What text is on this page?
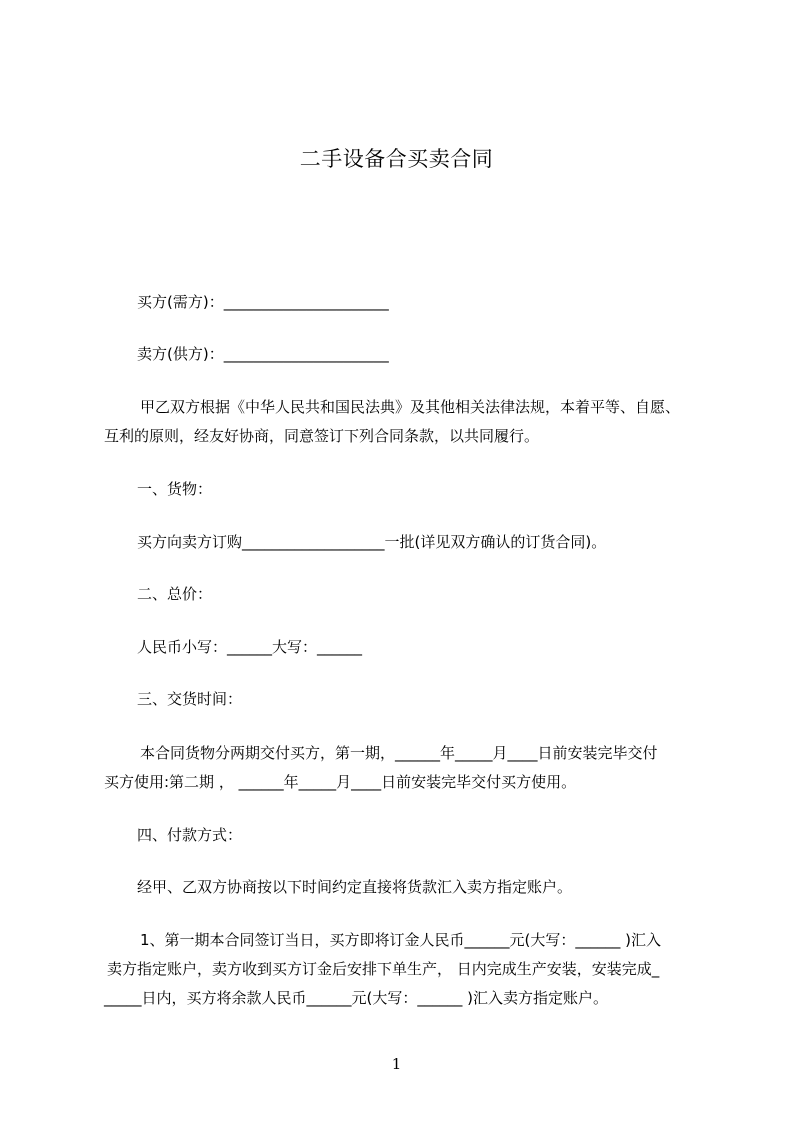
二手设备合买卖合同
买方(需方)：______________________
卖方(供方)：______________________
甲乙双方根据《中华人民共和国民法典》及其他相关法律法规，本着平等、自愿、
互利的原则，经友好协商，同意签订下列合同条款，以共同履行。
一、货物：
买方向卖方订购___________________一批(详见双方确认的订货合同)。
二、总价：
人民币小写：______大写：______
三、交货时间：
本合同货物分两期交付买方，第一期，______年_____月____日前安装完毕交付
买方使用:第二期 ， ______年_____月____日前安装完毕交付买方使用。
四、付款方式：
经甲、乙双方协商按以下时间约定直接将货款汇入卖方指定账户。
1、第一期本合同签订当日，买方即将订金人民币______元(大写：______ )汇入
卖方指定账户，卖方收到买方订金后安排下单生产， 日内完成生产安装，安装完成_
_____日内，买方将余款人民币______元(大写：______ )汇入卖方指定账户。
1
